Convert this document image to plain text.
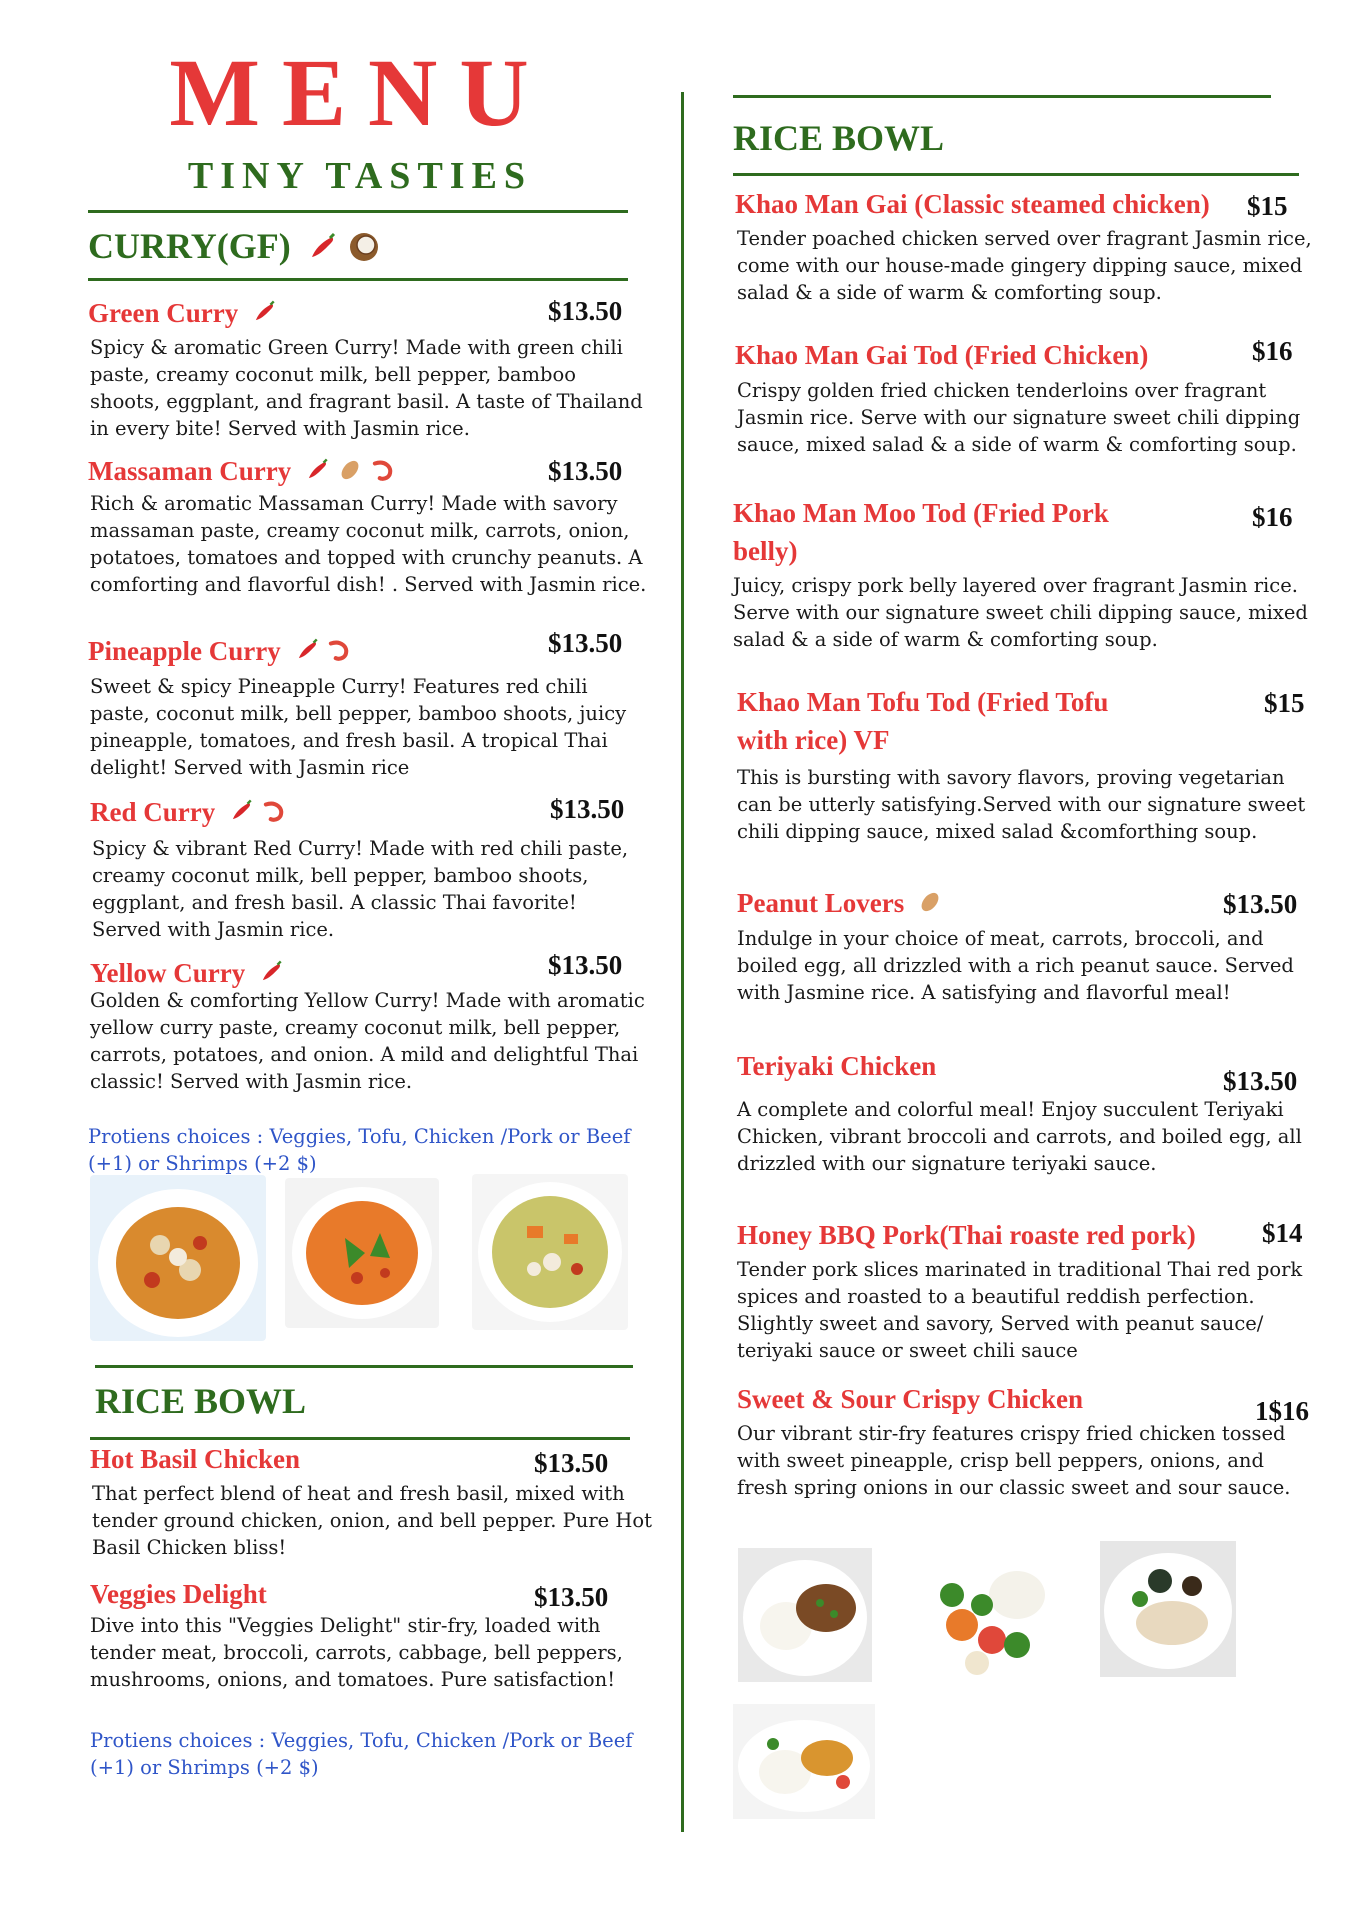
MENU
TINY TASTIES
CURRY(GF)
Green Curry	$13.50
Spicy & aromatic Green Curry! Made with green chili paste, creamy coconut milk, bell pepper, bamboo shoots, eggplant, and fragrant basil. A taste of Thailand in every bite! Served with Jasmin rice.
Massaman Curry	$13.50
Rich & aromatic Massaman Curry! Made with savory massaman paste, creamy coconut milk, carrots, onion, potatoes, tomatoes and topped with crunchy peanuts. A comforting and flavorful dish! . Served with Jasmin rice.
Pineapple Curry	$13.50
Sweet & spicy Pineapple Curry! Features red chili paste, coconut milk, bell pepper, bamboo shoots, juicy pineapple, tomatoes, and fresh basil. A tropical Thai delight! Served with Jasmin rice
Red Curry	$13.50
Spicy & vibrant Red Curry! Made with red chili paste, creamy coconut milk, bell pepper, bamboo shoots, eggplant, and fresh basil. A classic Thai favorite! Served with Jasmin rice.
Yellow Curry	$13.50
Golden & comforting Yellow Curry! Made with aromatic yellow curry paste, creamy coconut milk, bell pepper, carrots, potatoes, and onion. A mild and delightful Thai classic! Served with Jasmin rice.
Protiens choices : Veggies, Tofu, Chicken /Pork or Beef (+1) or Shrimps (+2 $)
RICE BOWL
Hot Basil Chicken	$13.50
That perfect blend of heat and fresh basil, mixed with tender ground chicken, onion, and bell pepper. Pure Hot Basil Chicken bliss!
Veggies Delight	$13.50
Dive into this "Veggies Delight" stir-fry, loaded with tender meat, broccoli, carrots, cabbage, bell peppers, mushrooms, onions, and tomatoes. Pure satisfaction!
Protiens choices : Veggies, Tofu, Chicken /Pork or Beef (+1) or Shrimps (+2 $)
RICE BOWL
Khao Man Gai (Classic steamed chicken) $15
Tender poached chicken served over fragrant Jasmin rice, come with our house-made gingery dipping sauce, mixed salad & a side of warm & comforting soup.
Khao Man Gai Tod (Fried Chicken)	$16
Crispy golden fried chicken tenderloins over fragrant Jasmin rice. Serve with our signature sweet chili dipping sauce, mixed salad & a side of warm & comforting soup.
Khao Man Moo Tod (Fried Pork belly)
$16
Juicy, crispy pork belly layered over fragrant Jasmin rice. Serve with our signature sweet chili dipping sauce, mixed salad & a side of warm & comforting soup.
Khao Man Tofu Tod (Fried Tofu with rice) VF
$15
This is bursting with savory flavors, proving vegetarian can be utterly satisfying.Served with our signature sweet chili dipping sauce, mixed salad &comforthing soup.
Peanut Lovers	$13.50
Indulge in your choice of meat, carrots, broccoli, and boiled egg, all drizzled with a rich peanut sauce. Served with Jasmine rice. A satisfying and flavorful meal!
Teriyaki Chicken	$13.50
A complete and colorful meal! Enjoy succulent Teriyaki Chicken, vibrant broccoli and carrots, and boiled egg, all drizzled with our signature teriyaki sauce.
Honey BBQ Pork(Thai roaste red pork) $14
Tender pork slices marinated in traditional Thai red pork spices and roasted to a beautiful reddish perfection. Slightly sweet and savory, Served with peanut sauce/ teriyaki sauce or sweet chili sauce
Sweet & Sour Crispy Chicken	1$16
Our vibrant stir-fry features crispy fried chicken tossed with sweet pineapple, crisp bell peppers, onions, and fresh spring onions in our classic sweet and sour sauce.
